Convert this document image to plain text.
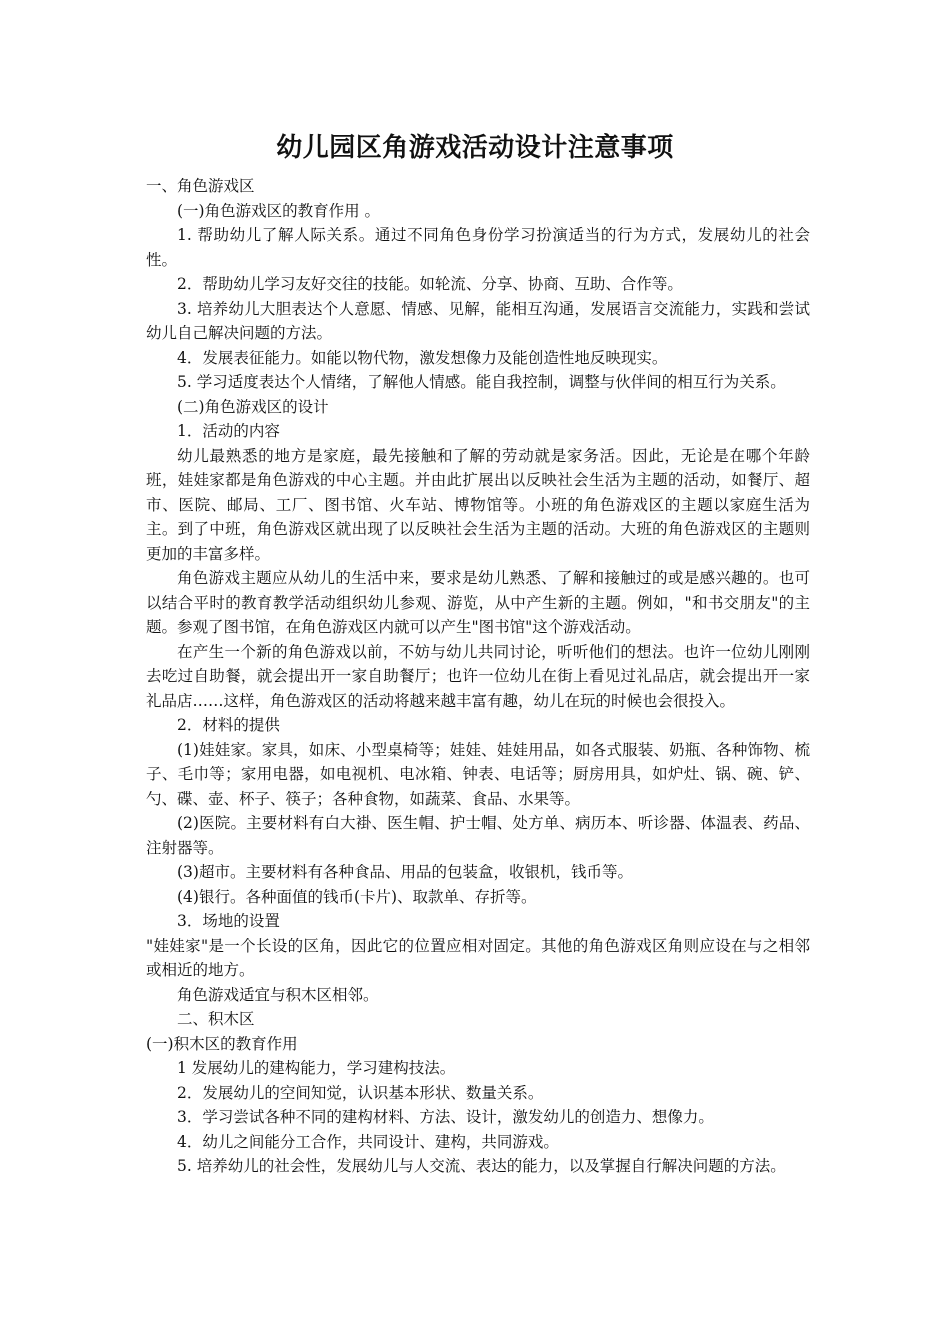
幼儿园区角游戏活动设计注意事项

一、角色游戏区

(一)角色游戏区的教育作用 。

1. 帮助幼儿了解人际关系。通过不同角色身份学习扮演适当的行为方式，发展幼儿的社会性。

2．帮助幼儿学习友好交往的技能。如轮流、分享、协商、互助、合作等。

3. 培养幼儿大胆表达个人意愿、情感、见解，能相互沟通，发展语言交流能力，实践和尝试幼儿自己解决问题的方法。

4．发展表征能力。如能以物代物，激发想像力及能创造性地反映现实。

5. 学习适度表达个人情绪，了解他人情感。能自我控制，调整与伙伴间的相互行为关系。

(二)角色游戏区的设计

1．活动的内容

幼儿最熟悉的地方是家庭，最先接触和了解的劳动就是家务活。因此，无论是在哪个年龄班，娃娃家都是角色游戏的中心主题。并由此扩展出以反映社会生活为主题的活动，如餐厅、超市、医院、邮局、工厂、图书馆、火车站、博物馆等。小班的角色游戏区的主题以家庭生活为主。到了中班，角色游戏区就出现了以反映社会生活为主题的活动。大班的角色游戏区的主题则更加的丰富多样。

角色游戏主题应从幼儿的生活中来，要求是幼儿熟悉、了解和接触过的或是感兴趣的。也可以结合平时的教育教学活动组织幼儿参观、游览，从中产生新的主题。例如，"和书交朋友"的主题。参观了图书馆，在角色游戏区内就可以产生"图书馆"这个游戏活动。

在产生一个新的角色游戏以前，不妨与幼儿共同讨论，听听他们的想法。也许一位幼儿刚刚去吃过自助餐，就会提出开一家自助餐厅；也许一位幼儿在街上看见过礼品店，就会提出开一家礼品店……这样，角色游戏区的活动将越来越丰富有趣，幼儿在玩的时候也会很投入。

2．材料的提供

(1)娃娃家。家具，如床、小型桌椅等；娃娃、娃娃用品，如各式服装、奶瓶、各种饰物、梳子、毛巾等；家用电器，如电视机、电冰箱、钟表、电话等；厨房用具，如炉灶、锅、碗、铲、勺、碟、壶、杯子、筷子；各种食物，如蔬菜、食品、水果等。

(2)医院。主要材料有白大褂、医生帽、护士帽、处方单、病历本、听诊器、体温表、药品、注射器等。

(3)超市。主要材料有各种食品、用品的包装盒，收银机，钱币等。

(4)银行。各种面值的钱币(卡片)、取款单、存折等。

3．场地的设置

"娃娃家"是一个长设的区角，因此它的位置应相对固定。其他的角色游戏区角则应设在与之相邻或相近的地方。

角色游戏适宜与积木区相邻。

二、积木区

(一)积木区的教育作用

1 发展幼儿的建构能力，学习建构技法。

2．发展幼儿的空间知觉，认识基本形状、数量关系。

3．学习尝试各种不同的建构材料、方法、设计，激发幼儿的创造力、想像力。

4．幼儿之间能分工合作，共同设计、建构，共同游戏。

5. 培养幼儿的社会性，发展幼儿与人交流、表达的能力，以及掌握自行解决问题的方法。
